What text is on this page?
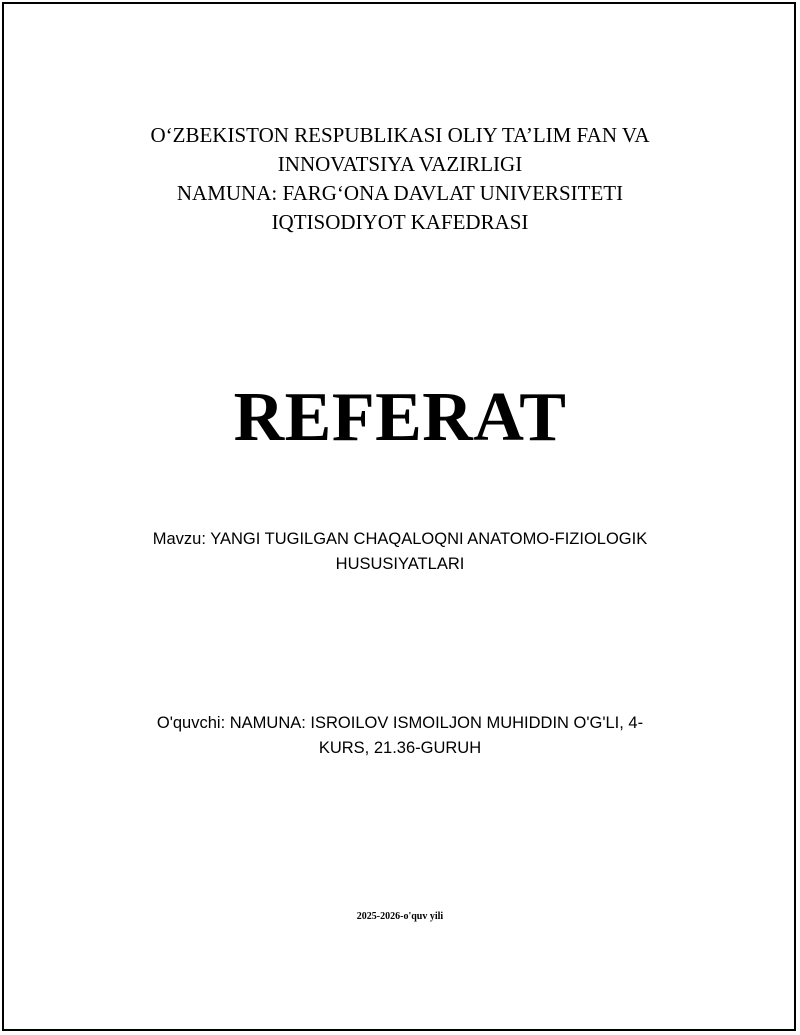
O‘ZBEKISTON RESPUBLIKASI OLIY TA’LIM FAN VA
INNOVATSIYA VAZIRLIGI
NAMUNA: FARG‘ONA DAVLAT UNIVERSITETI
IQTISODIYOT KAFEDRASI
REFERAT
Mavzu: YANGI TUGILGAN CHAQALOQNI ANATOMO-FIZIOLOGIK
HUSUSIYATLARI
O'quvchi: NAMUNA: ISROILOV ISMOILJON MUHIDDIN O'G'LI, 4-
KURS, 21.36-GURUH
2025-2026-o'quv yili
